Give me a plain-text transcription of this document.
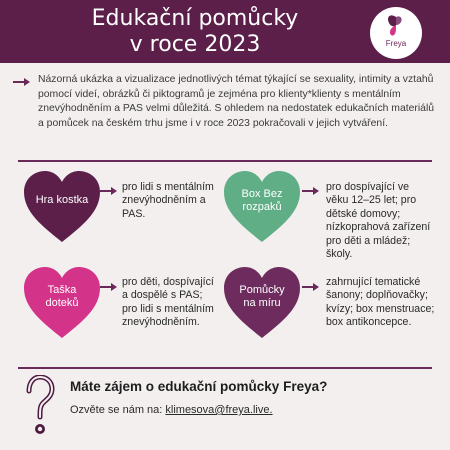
Edukační pomůcky
v roce 2023	Freya
Názorná ukázka a vizualizace jednotlivých témat týkající se sexuality, intimity a vztahů pomocí videí, obrázků či piktogramů je zejména pro klienty*klienty s mentálním znevýhodněním a PAS velmi důležitá. S ohledem na nedostatek edukačních materiálů a pomůcek na českém trhu jsme i v roce 2023 pokračovali v jejich vytváření.
Hra kostka
pro lidi s mentálním znevýhodněním a PAS.
Box Bez
rozpaků
pro dospívající ve věku 12–25 let; pro dětské domovy; nízkoprahová zařízení pro děti a mládež; školy.
Taška
doteků
pro děti, dospívající a dospělé s PAS; pro lidi s mentálním znevýhodněním.
Pomůcky
na míru
zahrnující tematické šanony; doplňovačky; kvízy; box menstruace; box antikoncepce.
Máte zájem o edukační pomůcky Freya?
Ozvěte se nám na: klimesova@freya.live.
